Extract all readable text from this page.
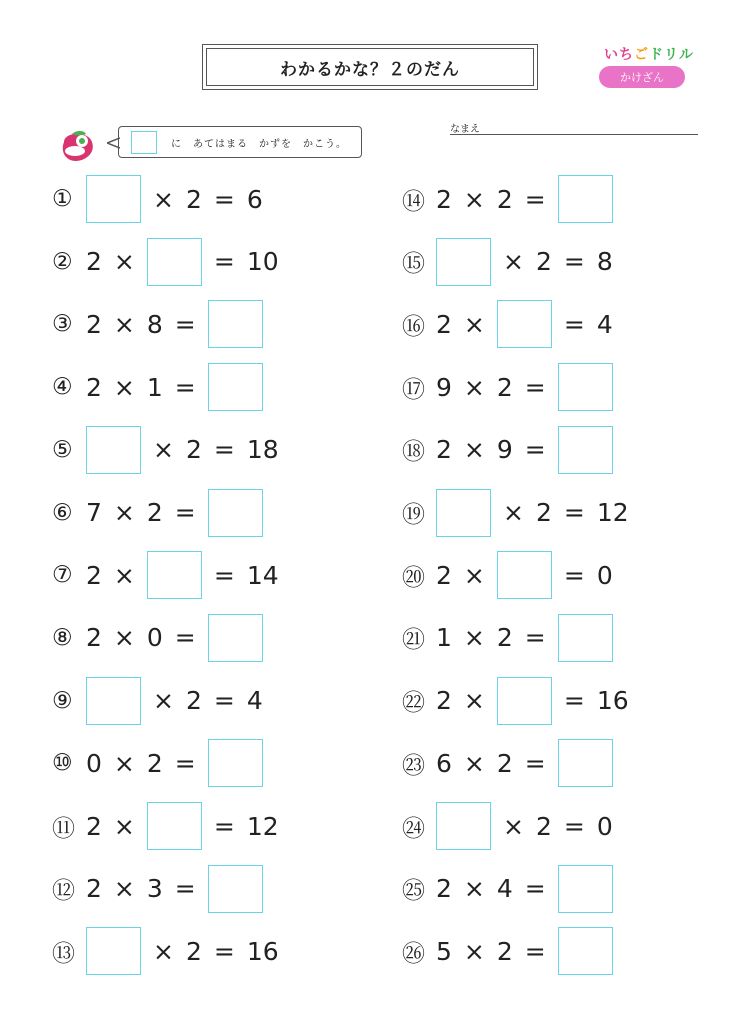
わかるかな？２のだん
いちごドリル
かけざん
なまえ
に　あてはまる　かずを　かこう。
①	× 2 = 6
② 2 ×	= 10
③ 2 × 8 =
④ 2 × 1 =
⑤	× 2 = 18
⑥ 7 × 2 =
⑦ 2 ×	= 14
⑧ 2 × 0 =
⑨	× 2 = 4
⑩ 0 × 2 =
⑪ 2 ×	= 12
⑫ 2 × 3 =
⑬	× 2 = 16
⑭ 2 × 2 =
⑮	× 2 = 8
⑯ 2 ×	= 4
⑰ 9 × 2 =
⑱ 2 × 9 =
⑲	× 2 = 12
⑳ 2 ×	= 0
㉑ 1 × 2 =
㉒ 2 ×	= 16
㉓ 6 × 2 =
㉔	× 2 = 0
㉕ 2 × 4 =
㉖ 5 × 2 =
